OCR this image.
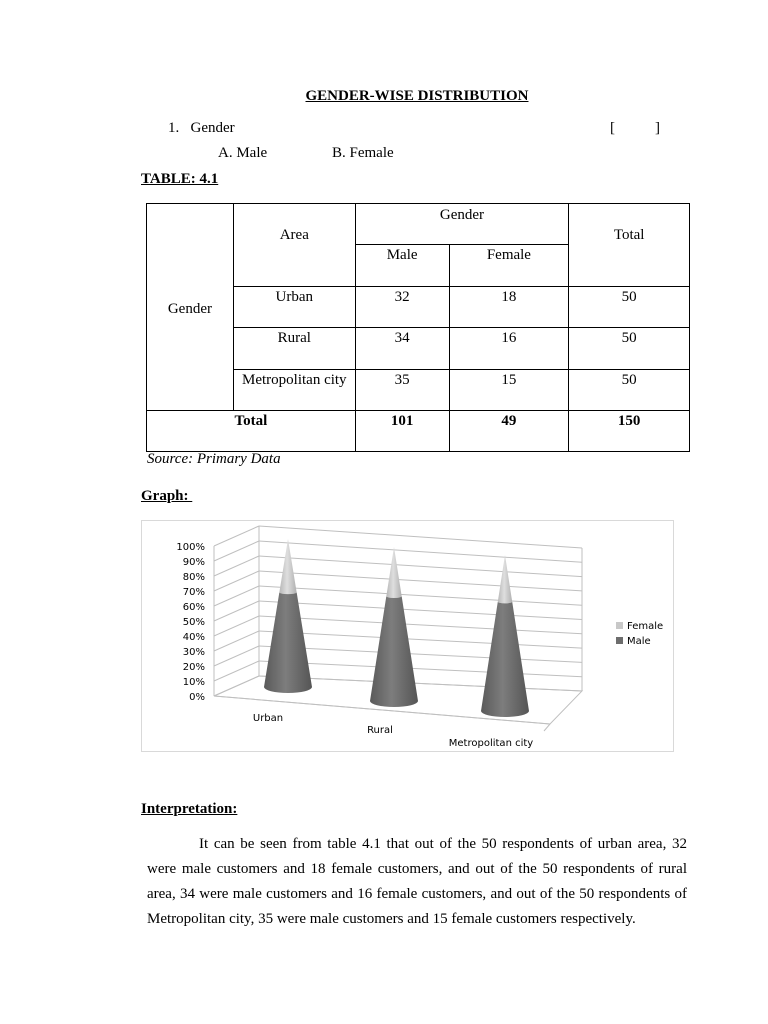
GENDER-WISE DISTRIBUTION
1. Gender	[	]
A. Male	B. Female
TABLE: 4.1
Gender	Area	Gender		Total
		Male	Female	
	Urban	32	18	50
	Rural	34	16	50
	Metropolitan city	35	15	50
Total		101	49	150
Source: Primary Data
Graph:
0%
10%
20%
30%
40%
50%
60%
70%
80%
90%
100%
Urban
Rural
Metropolitan city
Female
Male
Interpretation:
It can be seen from table 4.1 that out of the 50 respondents of urban area, 32 were male customers and 18 female customers, and out of the 50 respondents of rural area, 34 were male customers and 16 female customers, and out of the 50 respondents of Metropolitan city, 35 were male customers and 15 female customers respectively.
